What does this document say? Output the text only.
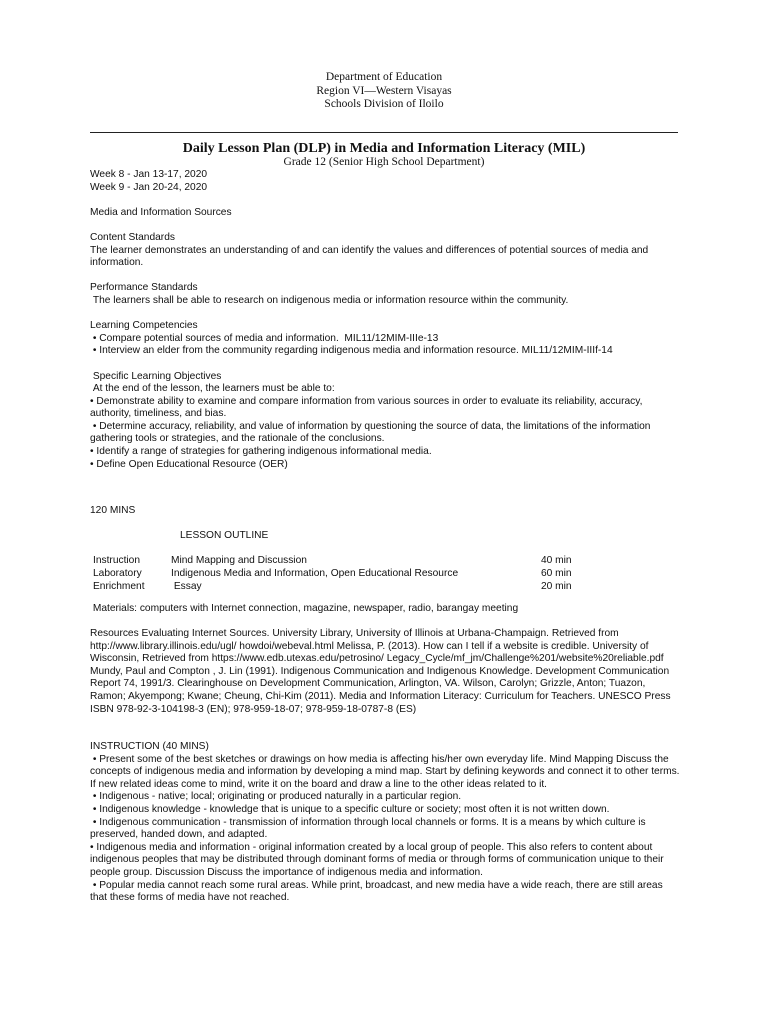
Department of Education
Region VI—Western Visayas
Schools Division of Iloilo
Daily Lesson Plan (DLP) in Media and Information Literacy (MIL)
Grade 12 (Senior High School Department)

Week 8 - Jan 13-17, 2020

Week 9 - Jan 20-24, 2020

Media and Information Sources

Content Standards

The learner demonstrates an understanding of and can identify the values and differences of potential sources of media and information.

Performance Standards

The learners shall be able to research on indigenous media or information resource within the community.

Learning Competencies

• Compare potential sources of media and information.  MIL11/12MIM-IIIe-13

• Interview an elder from the community regarding indigenous media and information resource. MIL11/12MIM-IIIf-14

Specific Learning Objectives

At the end of the lesson, the learners must be able to:

• Demonstrate ability to examine and compare information from various sources in order to evaluate its reliability, accuracy, authority, timeliness, and bias.

• Determine accuracy, reliability, and value of information by questioning the source of data, the limitations of the information gathering tools or strategies, and the rationale of the conclusions.

• Identify a range of strategies for gathering indigenous informational media.

• Define Open Educational Resource (OER)

120 MINS

LESSON OUTLINE

Instruction	Mind Mapping and Discussion	40 min
Laboratory	Indigenous Media and Information, Open Educational Resource	60 min
Enrichment	Essay	20 min

Materials: computers with Internet connection, magazine, newspaper, radio, barangay meeting

Resources Evaluating Internet Sources. University Library, University of Illinois at Urbana-Champaign. Retrieved from http://www.library.illinois.edu/ugl/ howdoi/webeval.html Melissa, P. (2013). How can I tell if a website is credible. University of Wisconsin, Retrieved from https://www.edb.utexas.edu/petrosino/ Legacy_Cycle/mf_jm/Challenge%201/website%20reliable.pdf Mundy, Paul and Compton , J. Lin (1991). Indigenous Communication and Indigenous Knowledge. Development Communication Report 74, 1991/3. Clearinghouse on Development Communication, Arlington, VA. Wilson, Carolyn; Grizzle, Anton; Tuazon, Ramon; Akyempong; Kwane; Cheung, Chi-Kim (2011). Media and Information Literacy: Curriculum for Teachers. UNESCO Press ISBN 978-92-3-104198-3 (EN); 978-959-18-07; 978-959-18-0787-8 (ES)

INSTRUCTION (40 MINS)

• Present some of the best sketches or drawings on how media is affecting his/her own everyday life. Mind Mapping Discuss the concepts of indigenous media and information by developing a mind map. Start by defining keywords and connect it to other terms. If new related ideas come to mind, write it on the board and draw a line to the other ideas related to it.

• Indigenous - native; local; originating or produced naturally in a particular region.

• Indigenous knowledge - knowledge that is unique to a specific culture or society; most often it is not written down.

• Indigenous communication - transmission of information through local channels or forms. It is a means by which culture is preserved, handed down, and adapted.

• Indigenous media and information - original information created by a local group of people. This also refers to content about indigenous peoples that may be distributed through dominant forms of media or through forms of communication unique to their people group. Discussion Discuss the importance of indigenous media and information.

• Popular media cannot reach some rural areas. While print, broadcast, and new media have a wide reach, there are still areas that these forms of media have not reached.
